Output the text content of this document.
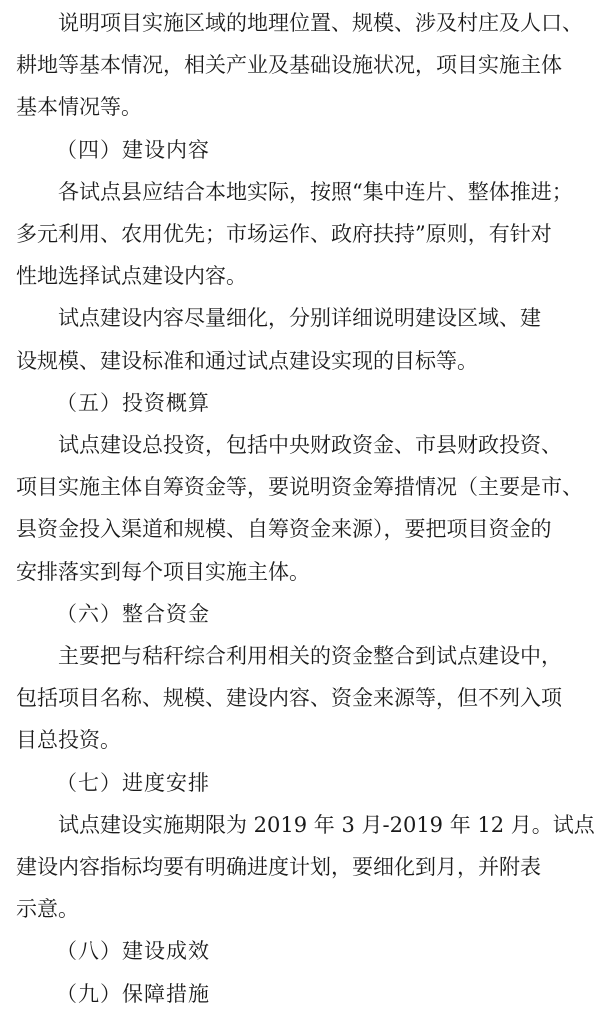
说明项目实施区域的地理位置、规模、涉及村庄及人口、
耕地等基本情况，相关产业及基础设施状况，项目实施主体
基本情况等。
（四）建设内容
各试点县应结合本地实际，按照“集中连片、整体推进；
多元利用、农用优先；市场运作、政府扶持”原则，有针对
性地选择试点建设内容。
试点建设内容尽量细化，分别详细说明建设区域、建
设规模、建设标准和通过试点建设实现的目标等。
（五）投资概算
试点建设总投资，包括中央财政资金、市县财政投资、
项目实施主体自筹资金等，要说明资金筹措情况（主要是市、
县资金投入渠道和规模、自筹资金来源），要把项目资金的
安排落实到每个项目实施主体。
（六）整合资金
主要把与秸秆综合利用相关的资金整合到试点建设中，
包括项目名称、规模、建设内容、资金来源等，但不列入项
目总投资。
（七）进度安排
试点建设实施期限为 2019 年 3 月-2019 年 12 月。试点
建设内容指标均要有明确进度计划，要细化到月，并附表
示意。
（八）建设成效
（九）保障措施
